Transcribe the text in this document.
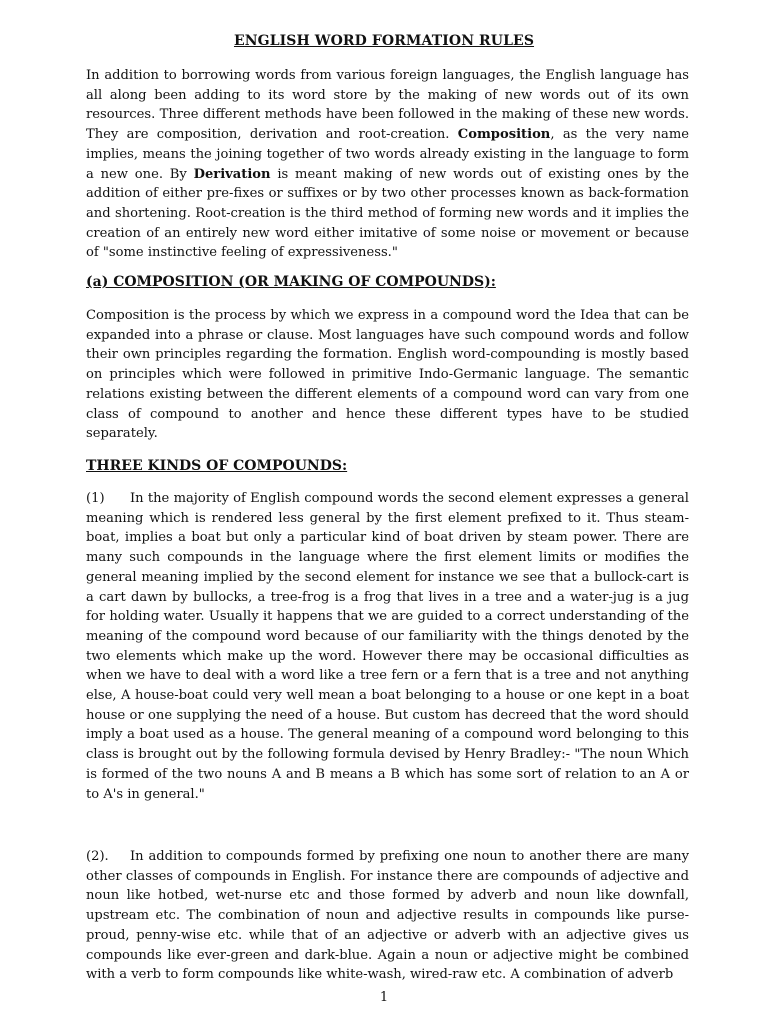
ENGLISH WORD FORMATION RULES

In addition to borrowing words from various foreign languages, the English language has all along been adding to its word store by the making of new words out of its own resources. Three different methods have been followed in the making of these new words. They are composition, derivation and root-creation. Composition, as the very name implies, means the joining together of two words already existing in the language to form a new one. By Derivation is meant making of new words out of existing ones by the addition of either pre-fixes or suffixes or by two other processes known as back-formation and shortening. Root-creation is the third method of forming new words and it implies the creation of an entirely new word either imitative of some noise or movement or because of "some instinctive feeling of expressiveness."

(a) COMPOSITION (OR MAKING OF COMPOUNDS):

Composition is the process by which we express in a compound word the Idea that can be expanded into a phrase or clause. Most languages have such compound words and follow their own principles regarding the formation. English word-compounding is mostly based on principles which were followed in primitive Indo-Germanic language. The semantic relations existing between the different elements of a compound word can vary from one class of compound to another and hence these different types have to be studied separately.

THREE KINDS OF COMPOUNDS:

(1) In the majority of English compound words the second element expresses a general meaning which is rendered less general by the first element prefixed to it. Thus steam-boat, implies a boat but only a particular kind of boat driven by steam power. There are many such compounds in the language where the first element limits or modifies the general meaning implied by the second element for instance we see that a bullock-cart is a cart dawn by bullocks, a tree-frog is a frog that lives in a tree and a water-jug is a jug for holding water. Usually it happens that we are guided to a correct understanding of the meaning of the compound word because of our familiarity with the things denoted by the two elements which make up the word. However there may be occasional difficulties as when we have to deal with a word like a tree fern or a fern that is a tree and not anything else, A house-boat could very well mean a boat belonging to a house or one kept in a boat house or one supplying the need of a house. But custom has decreed that the word should imply a boat used as a house. The general meaning of a compound word belonging to this class is brought out by the following formula devised by Henry Bradley:- "The noun Which is formed of the two nouns A and B means a B which has some sort of relation to an A or to A's in general."

(2). In addition to compounds formed by prefixing one noun to another there are many other classes of compounds in English. For instance there are compounds of adjective and noun like hotbed, wet-nurse etc and those formed by adverb and noun like downfall, upstream etc. The combination of noun and adjective results in compounds like purse-proud, penny-wise etc. while that of an adjective or adverb with an adjective gives us compounds like ever-green and dark-blue. Again a noun or adjective might be combined with a verb to form compounds like white-wash, wired-raw etc. A combination of adverb

1
